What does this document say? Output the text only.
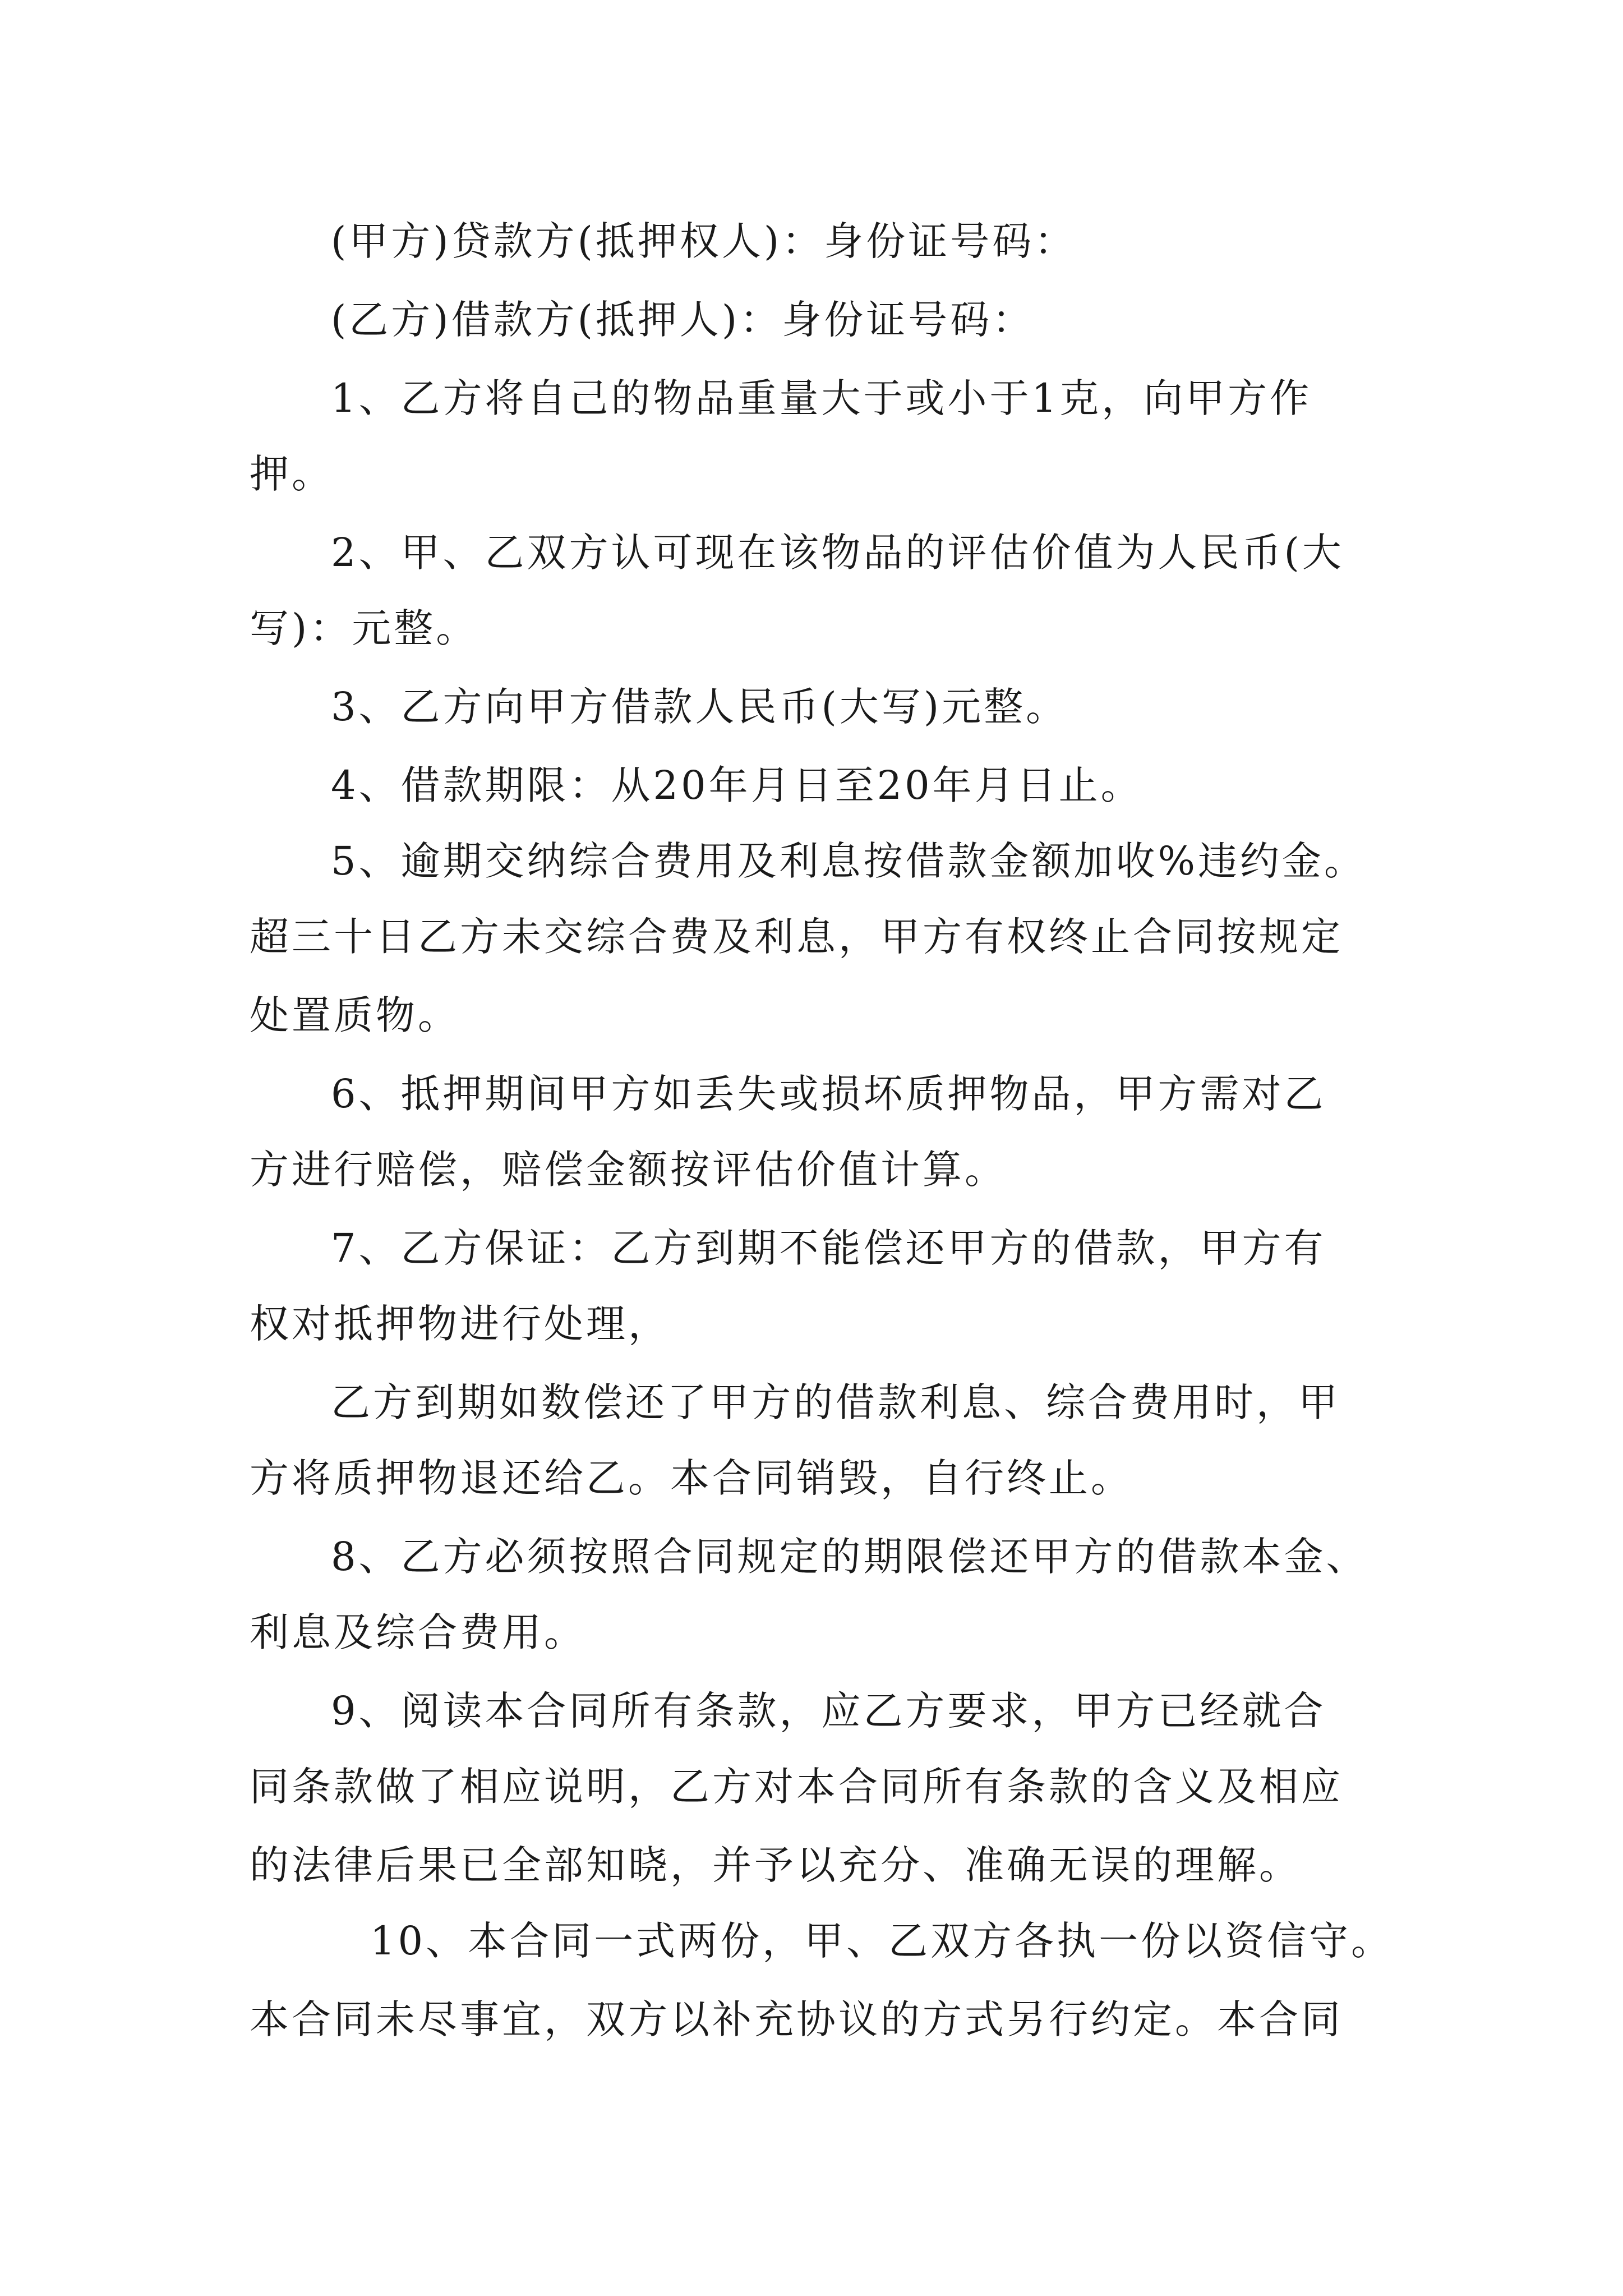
(甲方)贷款方(抵押权人)：身份证号码：
(乙方)借款方(抵押人)：身份证号码：
1、乙方将自己的物品重量大于或小于1克，向甲方作
押。
2、甲、乙双方认可现在该物品的评估价值为人民币(大
写)：元整。
3、乙方向甲方借款人民币(大写)元整。
4、借款期限：从20年月日至20年月日止。
5、逾期交纳综合费用及利息按借款金额加收%违约金。
超三十日乙方未交综合费及利息，甲方有权终止合同按规定
处置质物。
6、抵押期间甲方如丢失或损坏质押物品，甲方需对乙
方进行赔偿，赔偿金额按评估价值计算。
7、乙方保证：乙方到期不能偿还甲方的借款，甲方有
权对抵押物进行处理，
乙方到期如数偿还了甲方的借款利息、综合费用时，甲
方将质押物退还给乙。本合同销毁，自行终止。
8、乙方必须按照合同规定的期限偿还甲方的借款本金、
利息及综合费用。
9、阅读本合同所有条款，应乙方要求，甲方已经就合
同条款做了相应说明，乙方对本合同所有条款的含义及相应
的法律后果已全部知晓，并予以充分、准确无误的理解。
10、本合同一式两份，甲、乙双方各执一份以资信守。
本合同未尽事宜，双方以补充协议的方式另行约定。本合同
